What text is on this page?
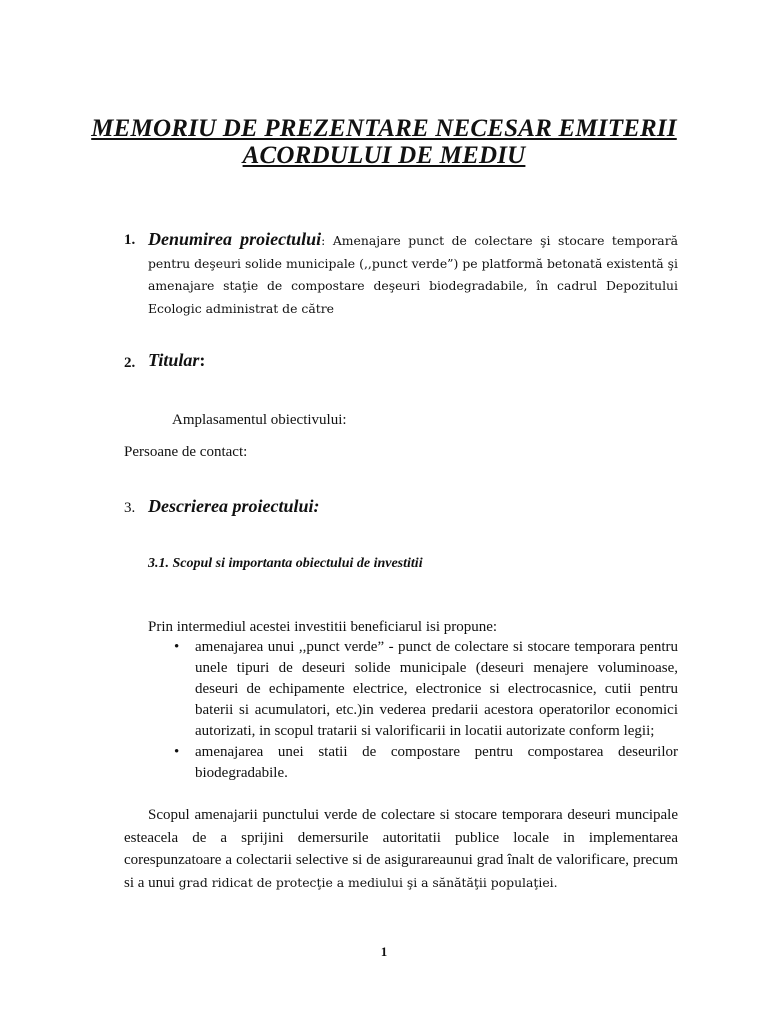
MEMORIU DE PREZENTARE NECESAR EMITERII
ACORDULUI DE MEDIU
1. Denumirea proiectului: Amenajare punct de colectare şi stocare temporară pentru deşeuri solide municipale (,,punct verde”) pe platformă betonată existentă şi amenajare staţie de compostare deşeuri biodegradabile, în cadrul Depozitului Ecologic administrat de către
2. Titular:
Amplasamentul obiectivului:
Persoane de contact:
3. Descrierea proiectului:
3.1. Scopul si importanta obiectului de investitii
Prin intermediul acestei investitii beneficiarul isi propune:
• amenajarea unui ,,punct verde” - punct de colectare si stocare temporara pentru unele tipuri de deseuri solide municipale (deseuri menajere voluminoase, deseuri de echipamente electrice, electronice si electrocasnice, cutii pentru baterii si acumulatori, etc.)in vederea predarii acestora operatorilor economici autorizati, in scopul tratarii si valorificarii in locatii autorizate conform legii;
• amenajarea unei statii de compostare pentru compostarea deseurilor biodegradabile.
Scopul amenajarii punctului verde de colectare si stocare temporara deseuri muncipale esteacela de a sprijini demersurile autoritatii publice locale in implementarea corespunzatoare a colectarii selective si de asigurareaunui grad înalt de valorificare, precum si a unui grad ridicat de protecţie a mediului şi a sănătăţii populaţiei.
1
